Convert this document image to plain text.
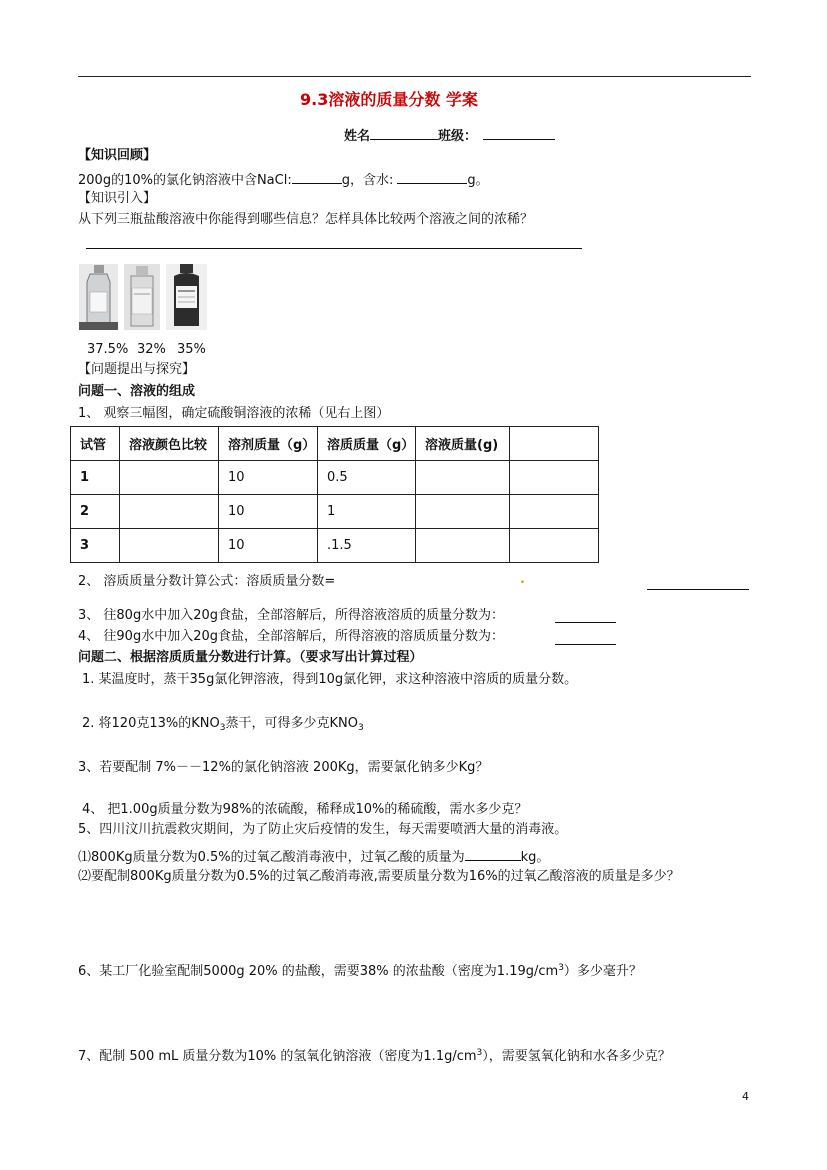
9.3溶液的质量分数 学案
姓名	班级：
【知识回顾】
200g的10%的氯化钠溶液中含NaCl:	g，含水:	g。
【知识引入】
从下列三瓶盐酸溶液中你能得到哪些信息？怎样具体比较两个溶液之间的浓稀？
37.5% 32% 35%
【问题提出与探究】
问题一、溶液的组成
1、 观察三幅图，确定硫酸铜溶液的浓稀（见右上图）
试管	溶液颜色比较	溶剂质量（g）	溶质质量（g）	溶液质量(g)	
1		10	0.5		
2		10	1		
3		10	.1.5		
2、 溶质质量分数计算公式：溶质质量分数=	.
3、 往80g水中加入20g食盐，全部溶解后，所得溶液溶质的质量分数为：
4、 往90g水中加入20g食盐，全部溶解后，所得溶液的溶质质量分数为：
问题二、根据溶质质量分数进行计算。（要求写出计算过程）
1. 某温度时，蒸干35g氯化钾溶液，得到10g氯化钾，求这种溶液中溶质的质量分数。
2. 将120克13%的$KNO_3$蒸干，可得多少克$KNO_3$
3、若要配制 7%－－12%的氯化钠溶液 200Kg，需要氯化钠多少Kg？
4、 把1.00g质量分数为98%的浓硫酸，稀释成10%的稀硫酸，需水多少克？
5、四川汶川抗震救灾期间，为了防止灾后疫情的发生，每天需要喷洒大量的消毒液。
⑴800Kg质量分数为0.5%的过氧乙酸消毒液中，过氧乙酸的质量为	kg。
⑵要配制800Kg质量分数为0.5%的过氧乙酸消毒液,需要质量分数为16%的过氧乙酸溶液的质量是多少？
6、某工厂化验室配制5000g 20% 的盐酸，需要38% 的浓盐酸（密度为$1.19g/cm^3$）多少毫升？
7、配制 500 mL 质量分数为10% 的氢氧化钠溶液（密度为$1.1g/cm^3$），需要氢氧化钠和水各多少克？
4
